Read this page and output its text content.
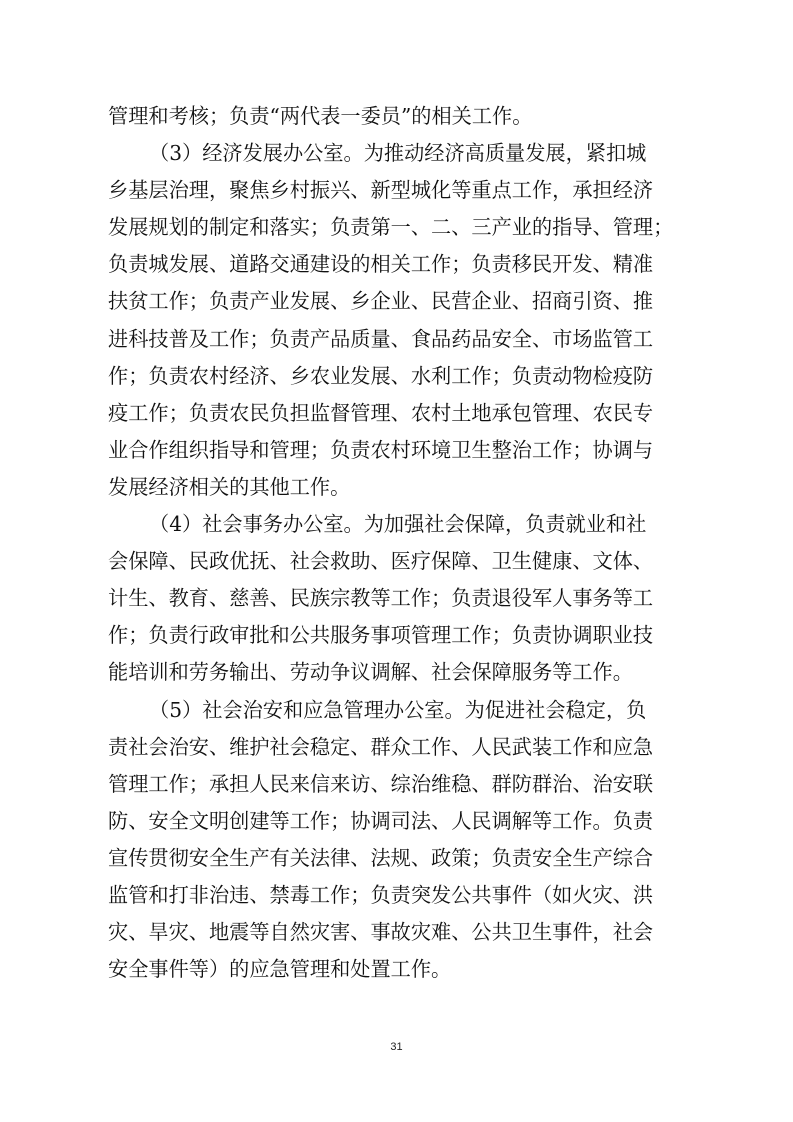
管理和考核；负责“两代表一委员”的相关工作。
（3）经济发展办公室。为推动经济高质量发展，紧扣城
乡基层治理，聚焦乡村振兴、新型城化等重点工作，承担经济
发展规划的制定和落实；负责第一、二、三产业的指导、管理；
负责城发展、道路交通建设的相关工作；负责移民开发、精准
扶贫工作；负责产业发展、乡企业、民营企业、招商引资、推
进科技普及工作；负责产品质量、食品药品安全、市场监管工
作；负责农村经济、乡农业发展、水利工作；负责动物检疫防
疫工作；负责农民负担监督管理、农村土地承包管理、农民专
业合作组织指导和管理；负责农村环境卫生整治工作；协调与
发展经济相关的其他工作。
（4）社会事务办公室。为加强社会保障，负责就业和社
会保障、民政优抚、社会救助、医疗保障、卫生健康、文体、
计生、教育、慈善、民族宗教等工作；负责退役军人事务等工
作；负责行政审批和公共服务事项管理工作；负责协调职业技
能培训和劳务输出、劳动争议调解、社会保障服务等工作。
（5）社会治安和应急管理办公室。为促进社会稳定，负
责社会治安、维护社会稳定、群众工作、人民武装工作和应急
管理工作；承担人民来信来访、综治维稳、群防群治、治安联
防、安全文明创建等工作；协调司法、人民调解等工作。负责
宣传贯彻安全生产有关法律、法规、政策；负责安全生产综合
监管和打非治违、禁毒工作；负责突发公共事件（如火灾、洪
灾、旱灾、地震等自然灾害、事故灾难、公共卫生事件，社会
安全事件等）的应急管理和处置工作。
31
